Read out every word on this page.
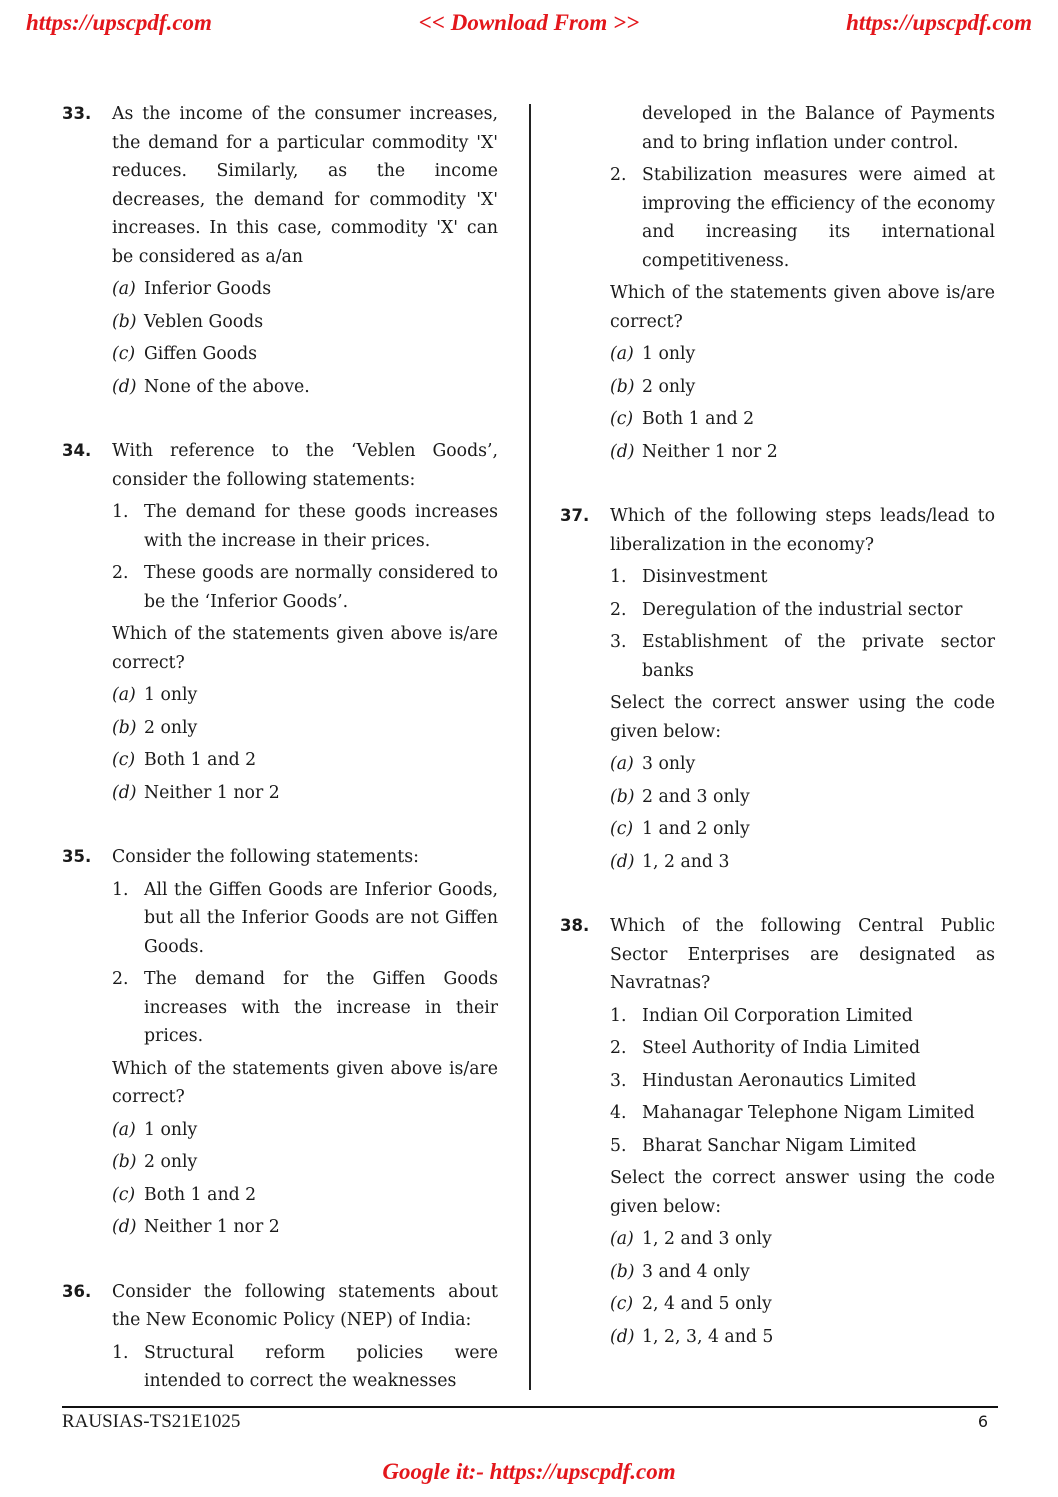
<< Download From >>
https://upscpdf.com	https://upscpdf.com
33. As the income of the consumer increases, the demand for a particular commodity 'X' reduces. Similarly, as the income decreases, the demand for commodity 'X' increases. In this case, commodity 'X' can be considered as a/an
(a) Inferior Goods
(b) Veblen Goods
(c) Giffen Goods
(d) None of the above.
34. With reference to the ‘Veblen Goods’, consider the following statements:
1. The demand for these goods increases with the increase in their prices.
2. These goods are normally considered to be the ‘Inferior Goods’.
Which of the statements given above is/are correct?
(a) 1 only
(b) 2 only
(c) Both 1 and 2
(d) Neither 1 nor 2
35. Consider the following statements:
1. All the Giffen Goods are Inferior Goods, but all the Inferior Goods are not Giffen Goods.
2. The demand for the Giffen Goods increases with the increase in their prices.
Which of the statements given above is/are correct?
(a) 1 only
(b) 2 only
(c) Both 1 and 2
(d) Neither 1 nor 2
36. Consider the following statements about the New Economic Policy (NEP) of India:
1. Structural reform policies were intended to correct the weaknesses
developed in the Balance of Payments and to bring inflation under control.
2. Stabilization measures were aimed at improving the efficiency of the economy and increasing its international competitiveness.
Which of the statements given above is/are correct?
(a) 1 only
(b) 2 only
(c) Both 1 and 2
(d) Neither 1 nor 2
37. Which of the following steps leads/lead to liberalization in the economy?
1. Disinvestment
2. Deregulation of the industrial sector
3. Establishment of the private sector banks
Select the correct answer using the code given below:
(a) 3 only
(b) 2 and 3 only
(c) 1 and 2 only
(d) 1, 2 and 3
38. Which of the following Central Public Sector Enterprises are designated as Navratnas?
1. Indian Oil Corporation Limited
2. Steel Authority of India Limited
3. Hindustan Aeronautics Limited
4. Mahanagar Telephone Nigam Limited
5. Bharat Sanchar Nigam Limited
Select the correct answer using the code given below:
(a) 1, 2 and 3 only
(b) 3 and 4 only
(c) 2, 4 and 5 only
(d) 1, 2, 3, 4 and 5
RAUSIAS-TS21E1025	6
Google it:- https://upscpdf.com
